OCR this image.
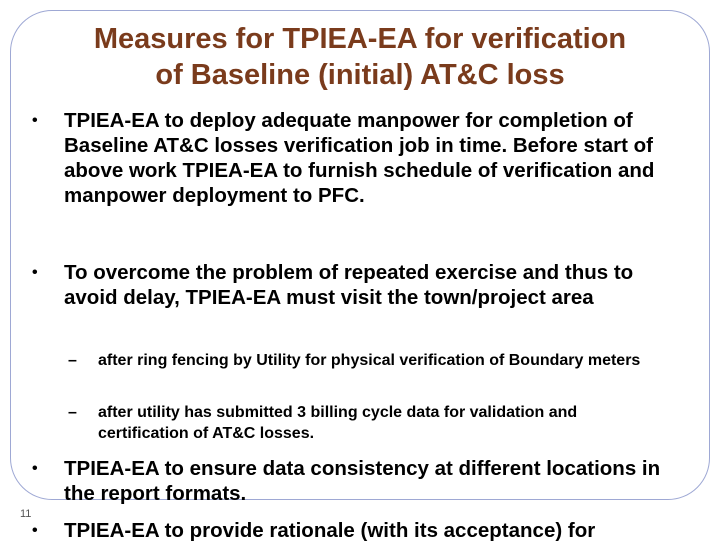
Measures for TPIEA-EA for verification
of Baseline (initial) AT&C loss
•	TPIEA-EA to deploy adequate manpower for completion of Baseline AT&C losses verification job in time. Before start of above work TPIEA-EA to furnish schedule of verification and manpower deployment to PFC.
•	To overcome the problem of repeated exercise and thus to avoid delay, TPIEA-EA must visit the town/project area
–	after ring fencing by Utility for physical verification of Boundary meters
–	after utility has submitted 3 billing cycle data for validation and certification of AT&C losses.
•	TPIEA-EA to ensure data consistency at different locations in the report formats.
•	TPIEA-EA to provide rationale (with its acceptance) for
11
